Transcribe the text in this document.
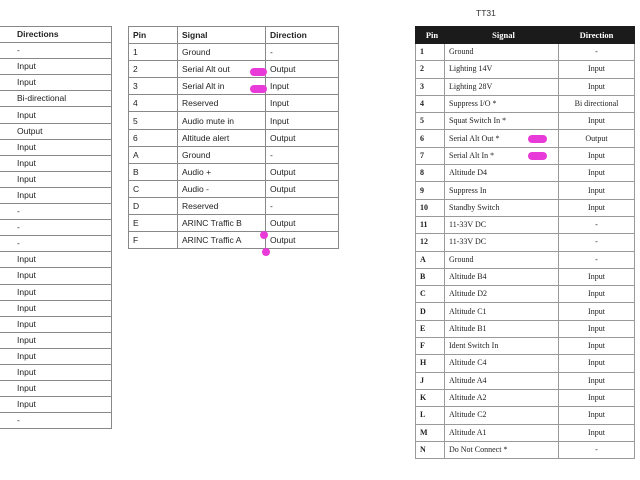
	Directions
	-
	Input
	Input
	Bi-directional
	Input
	Output
	Input
	Input
	Input
	Input
	-
	-
	-
	Input
	Input
	Input
	Input
	Input
	Input
	Input
	Input
	Input
	Input
	-
Pin	Signal	Direction
1	Ground	-
2	Serial Alt out	Output
3	Serial Alt in	Input
4	Reserved	Input
5	Audio mute in	Input
6	Altitude alert	Output
A	Ground	-
B	Audio +	Output
C	Audio -	Output
D	Reserved	-
E	ARINC Traffic B	Output
F	ARINC Traffic A	Output
TT31
Pin	Signal	Direction
1	Ground	-
2	Lighting 14V	Input
3	Lighting 28V	Input
4	Suppress I/O *	Bi directional
5	Squat Switch In *	Input
6	Serial Alt Out *	Output
7	Serial Alt In *	Input
8	Altitude D4	Input
9	Suppress In	Input
10	Standby Switch	Input
11	11-33V DC	-
12	11-33V DC	-
A	Ground	-
B	Altitude B4	Input
C	Altitude D2	Input
D	Altitude C1	Input
E	Altitude B1	Input
F	Ident Switch In	Input
H	Altitude C4	Input
J	Altitude A4	Input
K	Altitude A2	Input
L	Altitude C2	Input
M	Altitude A1	Input
N	Do Not Connect *	-
